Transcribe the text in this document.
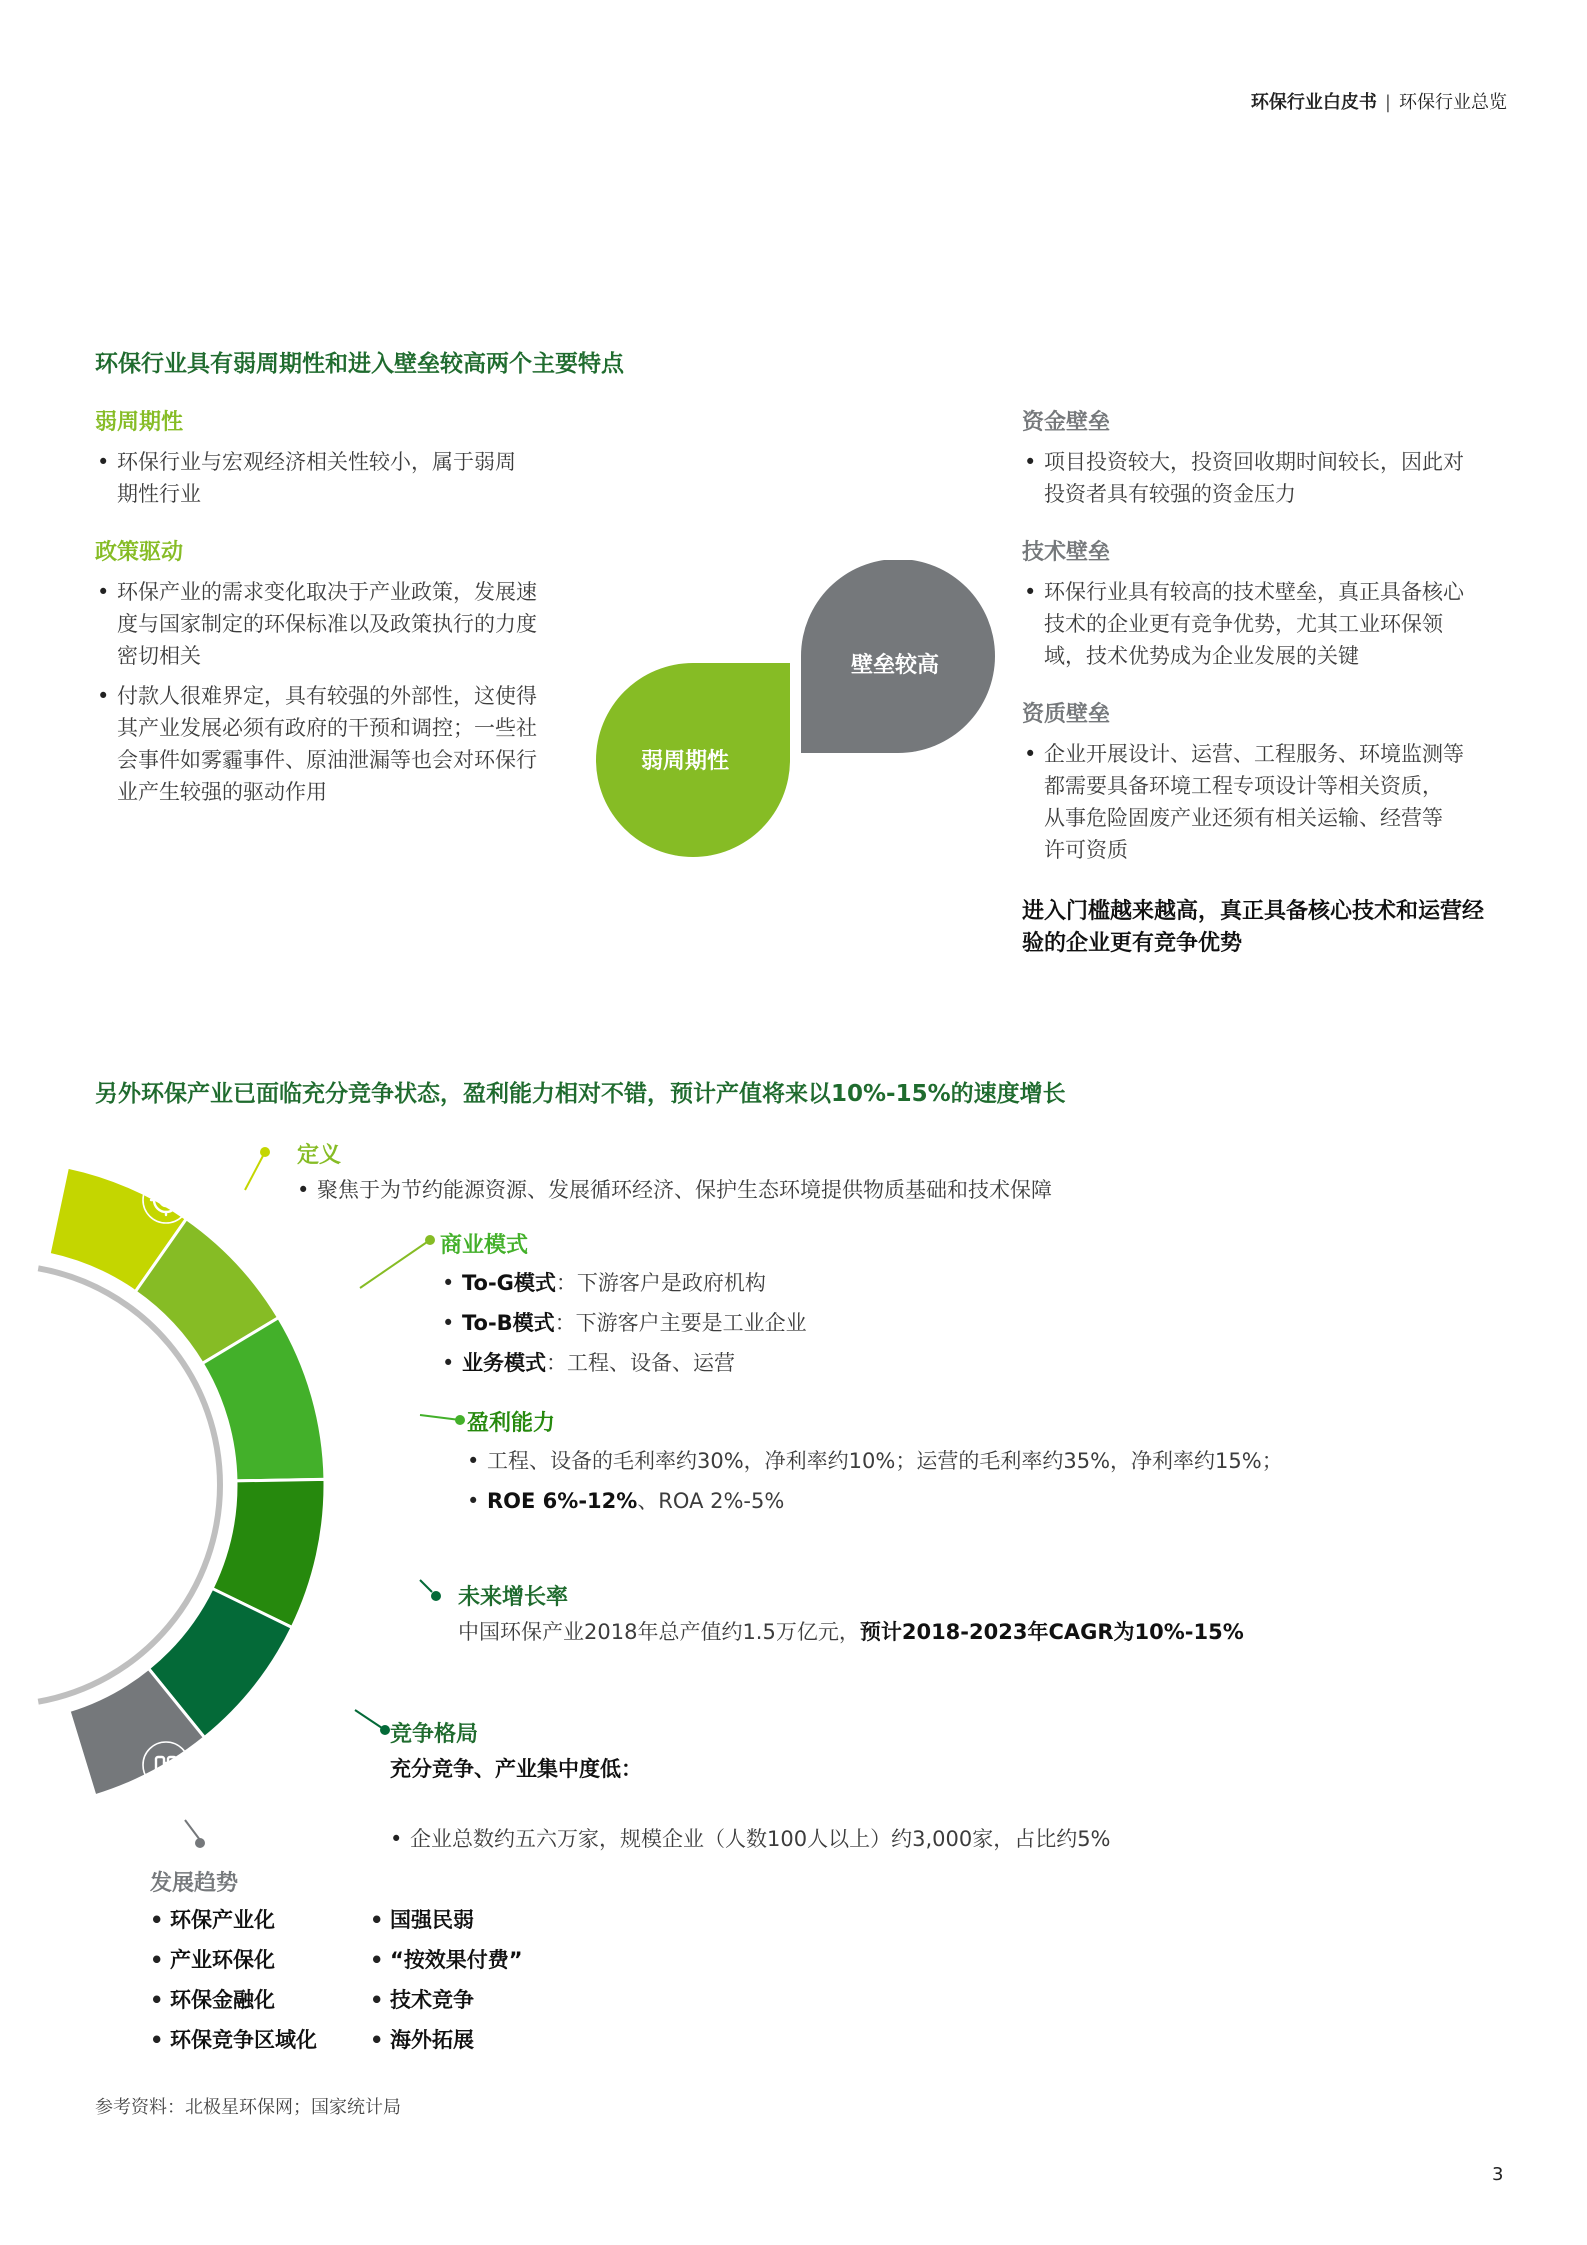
环保行业白皮书 | 环保行业总览
环保行业具有弱周期性和进入壁垒较高两个主要特点
弱周期性
• 环保行业与宏观经济相关性较小，属于弱周
期性行业
政策驱动
• 环保产业的需求变化取决于产业政策，发展速
度与国家制定的环保标准以及政策执行的力度
密切相关
• 付款人很难界定，具有较强的外部性，这使得
其产业发展必须有政府的干预和调控；一些社
会事件如雾霾事件、原油泄漏等也会对环保行
业产生较强的驱动作用
弱周期性
壁垒较高
资金壁垒
• 项目投资较大，投资回收期时间较长，因此对
投资者具有较强的资金压力
技术壁垒
• 环保行业具有较高的技术壁垒，真正具备核心
技术的企业更有竞争优势，尤其工业环保领
域，技术优势成为企业发展的关键
资质壁垒
• 企业开展设计、运营、工程服务、环境监测等
都需要具备环境工程专项设计等相关资质，
从事危险固废产业还须有相关运输、经营等
许可资质
进入门槛越来越高，真正具备核心技术和运营经
验的企业更有竞争优势
另外环保产业已面临充分竞争状态，盈利能力相对不错，预计产值将来以10%-15%的速度增长
定义
• 聚焦于为节约能源资源、发展循环经济、保护生态环境提供物质基础和技术保障
商业模式
• To-G模式：下游客户是政府机构
• To-B模式：下游客户主要是工业企业
• 业务模式：工程、设备、运营
盈利能力
• 工程、设备的毛利率约30%，净利率约10%；运营的毛利率约35%，净利率约15%；
• ROE 6%-12%、ROA 2%-5%
未来增长率
中国环保产业2018年总产值约1.5万亿元，预计2018-2023年CAGR为10%-15%
竞争格局
充分竞争、产业集中度低：
• 企业总数约五六万家，规模企业（人数100人以上）约3,000家，占比约5%
发展趋势
• 环保产业化
• 产业环保化
• 环保金融化
• 环保竞争区域化
• 国强民弱
• “按效果付费”
• 技术竞争
• 海外拓展
参考资料：北极星环保网；国家统计局
3
